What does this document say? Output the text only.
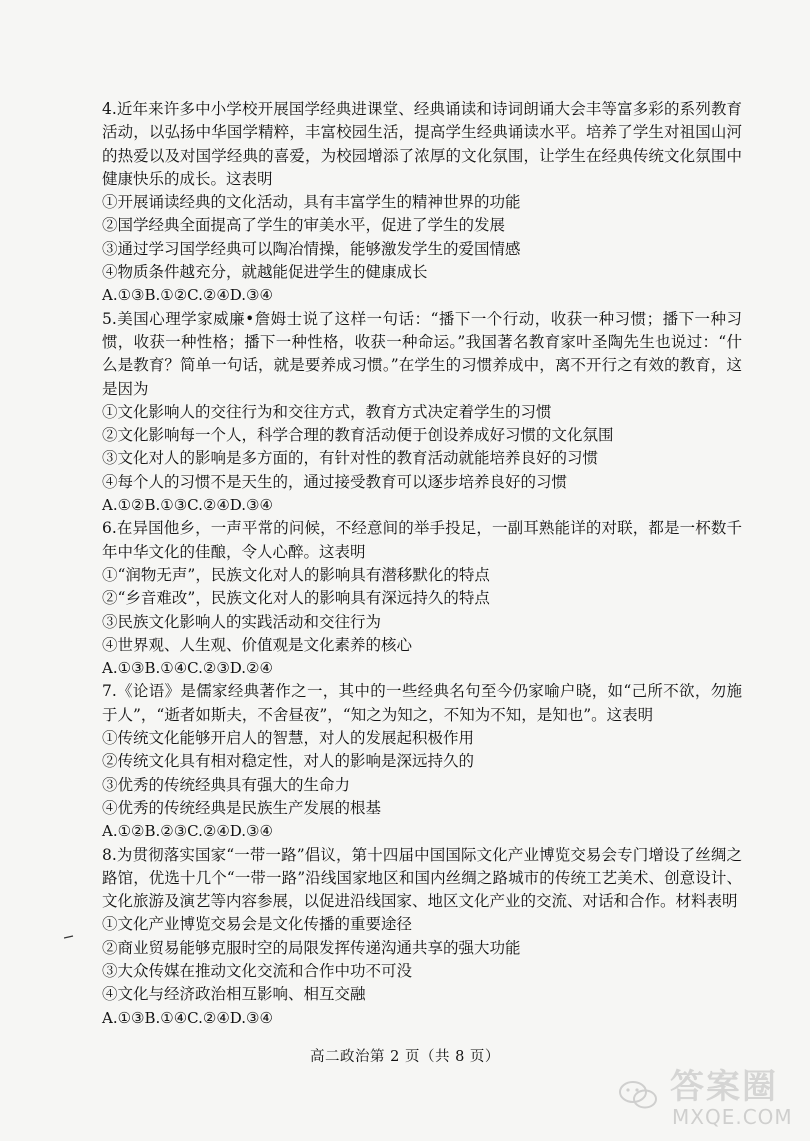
4.近年来许多中小学校开展国学经典进课堂、经典诵读和诗词朗诵大会丰等富多彩的系列教育活动，以弘扬中华国学精粹，丰富校园生活，提高学生经典诵读水平。培养了学生对祖国山河的热爱以及对国学经典的喜爱，为校园增添了浓厚的文化氛围，让学生在经典传统文化氛围中健康快乐的成长。这表明

①开展诵读经典的文化活动，具有丰富学生的精神世界的功能

②国学经典全面提高了学生的审美水平，促进了学生的发展

③通过学习国学经典可以陶冶情操，能够激发学生的爱国情感

④物质条件越充分，就越能促进学生的健康成长

A.①③B.①②C.②④D.③④

5.美国心理学家威廉•詹姆士说了这样一句话：“播下一个行动，收获一种习惯；播下一种习惯，收获一种性格；播下一种性格，收获一种命运。”我国著名教育家叶圣陶先生也说过：“什么是教育？简单一句话，就是要养成习惯。”在学生的习惯养成中，离不开行之有效的教育，这是因为

①文化影响人的交往行为和交往方式，教育方式决定着学生的习惯

②文化影响每一个人，科学合理的教育活动便于创设养成好习惯的文化氛围

③文化对人的影响是多方面的，有针对性的教育活动就能培养良好的习惯

④每个人的习惯不是天生的，通过接受教育可以逐步培养良好的习惯

A.①②B.①③C.②④D.③④

6.在异国他乡，一声平常的问候，不经意间的举手投足，一副耳熟能详的对联，都是一杯数千年中华文化的佳酿，令人心醉。这表明

①“润物无声”，民族文化对人的影响具有潜移默化的特点

②“乡音难改”，民族文化对人的影响具有深远持久的特点

③民族文化影响人的实践活动和交往行为

④世界观、人生观、价值观是文化素养的核心

A.①③B.①④C.②③D.②④

7.《论语》是儒家经典著作之一，其中的一些经典名句至今仍家喻户晓，如“己所不欲，勿施于人”，“逝者如斯夫，不舍昼夜”，“知之为知之，不知为不知，是知也”。这表明

①传统文化能够开启人的智慧，对人的发展起积极作用

②传统文化具有相对稳定性，对人的影响是深远持久的

③优秀的传统经典具有强大的生命力

④优秀的传统经典是民族生产发展的根基

A.①②B.②③C.②④D.③④

8.为贯彻落实国家“一带一路”倡议，第十四届中国国际文化产业博览交易会专门增设了丝绸之路馆，优选十几个“一带一路”沿线国家地区和国内丝绸之路城市的传统工艺美术、创意设计、文化旅游及演艺等内容参展，以促进沿线国家、地区文化产业的交流、对话和合作。材料表明

①文化产业博览交易会是文化传播的重要途径

②商业贸易能够克服时空的局限发挥传递沟通共享的强大功能

③大众传媒在推动文化交流和合作中功不可没

④文化与经济政治相互影响、相互交融

A.①③B.①④C.②④D.③④

高二政治第 2 页（共 8 页）
答案圈
MXQE.COM
